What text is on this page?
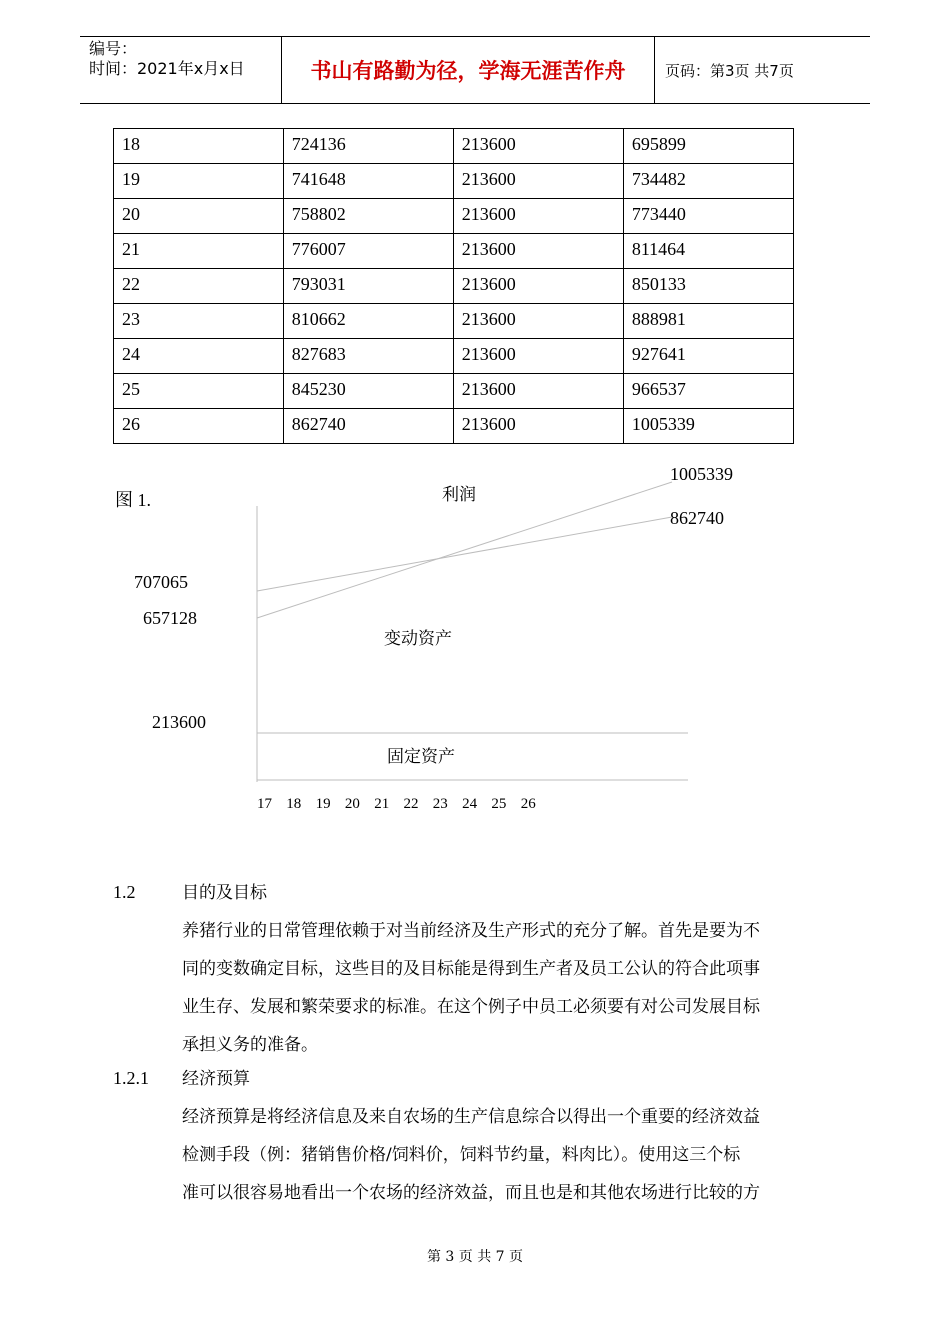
编号：
时间：2021年x月x日	书山有路勤为径，学海无涯苦作舟	页码：第3页 共7页
18	724136	213600	695899
19	741648	213600	734482
20	758802	213600	773440
21	776007	213600	811464
22	793031	213600	850133
23	810662	213600	888981
24	827683	213600	927641
25	845230	213600	966537
26	862740	213600	1005339
图 1.
707065
657128
213600
1005339
862740
利润
变动资产
固定资产
17 18 19 20 21 22 23 24 25 26
1.2	目的及目标
养猪行业的日常管理依赖于对当前经济及生产形式的充分了解。首先是要为不
同的变数确定目标，这些目的及目标能是得到生产者及员工公认的符合此项事
业生存、发展和繁荣要求的标准。在这个例子中员工必须要有对公司发展目标
承担义务的准备。
1.2.1 经济预算
经济预算是将经济信息及来自农场的生产信息综合以得出一个重要的经济效益
检测手段（例：猪销售价格/饲料价，饲料节约量，料肉比）。使用这三个标
准可以很容易地看出一个农场的经济效益，而且也是和其他农场进行比较的方
第 3 页 共 7 页
